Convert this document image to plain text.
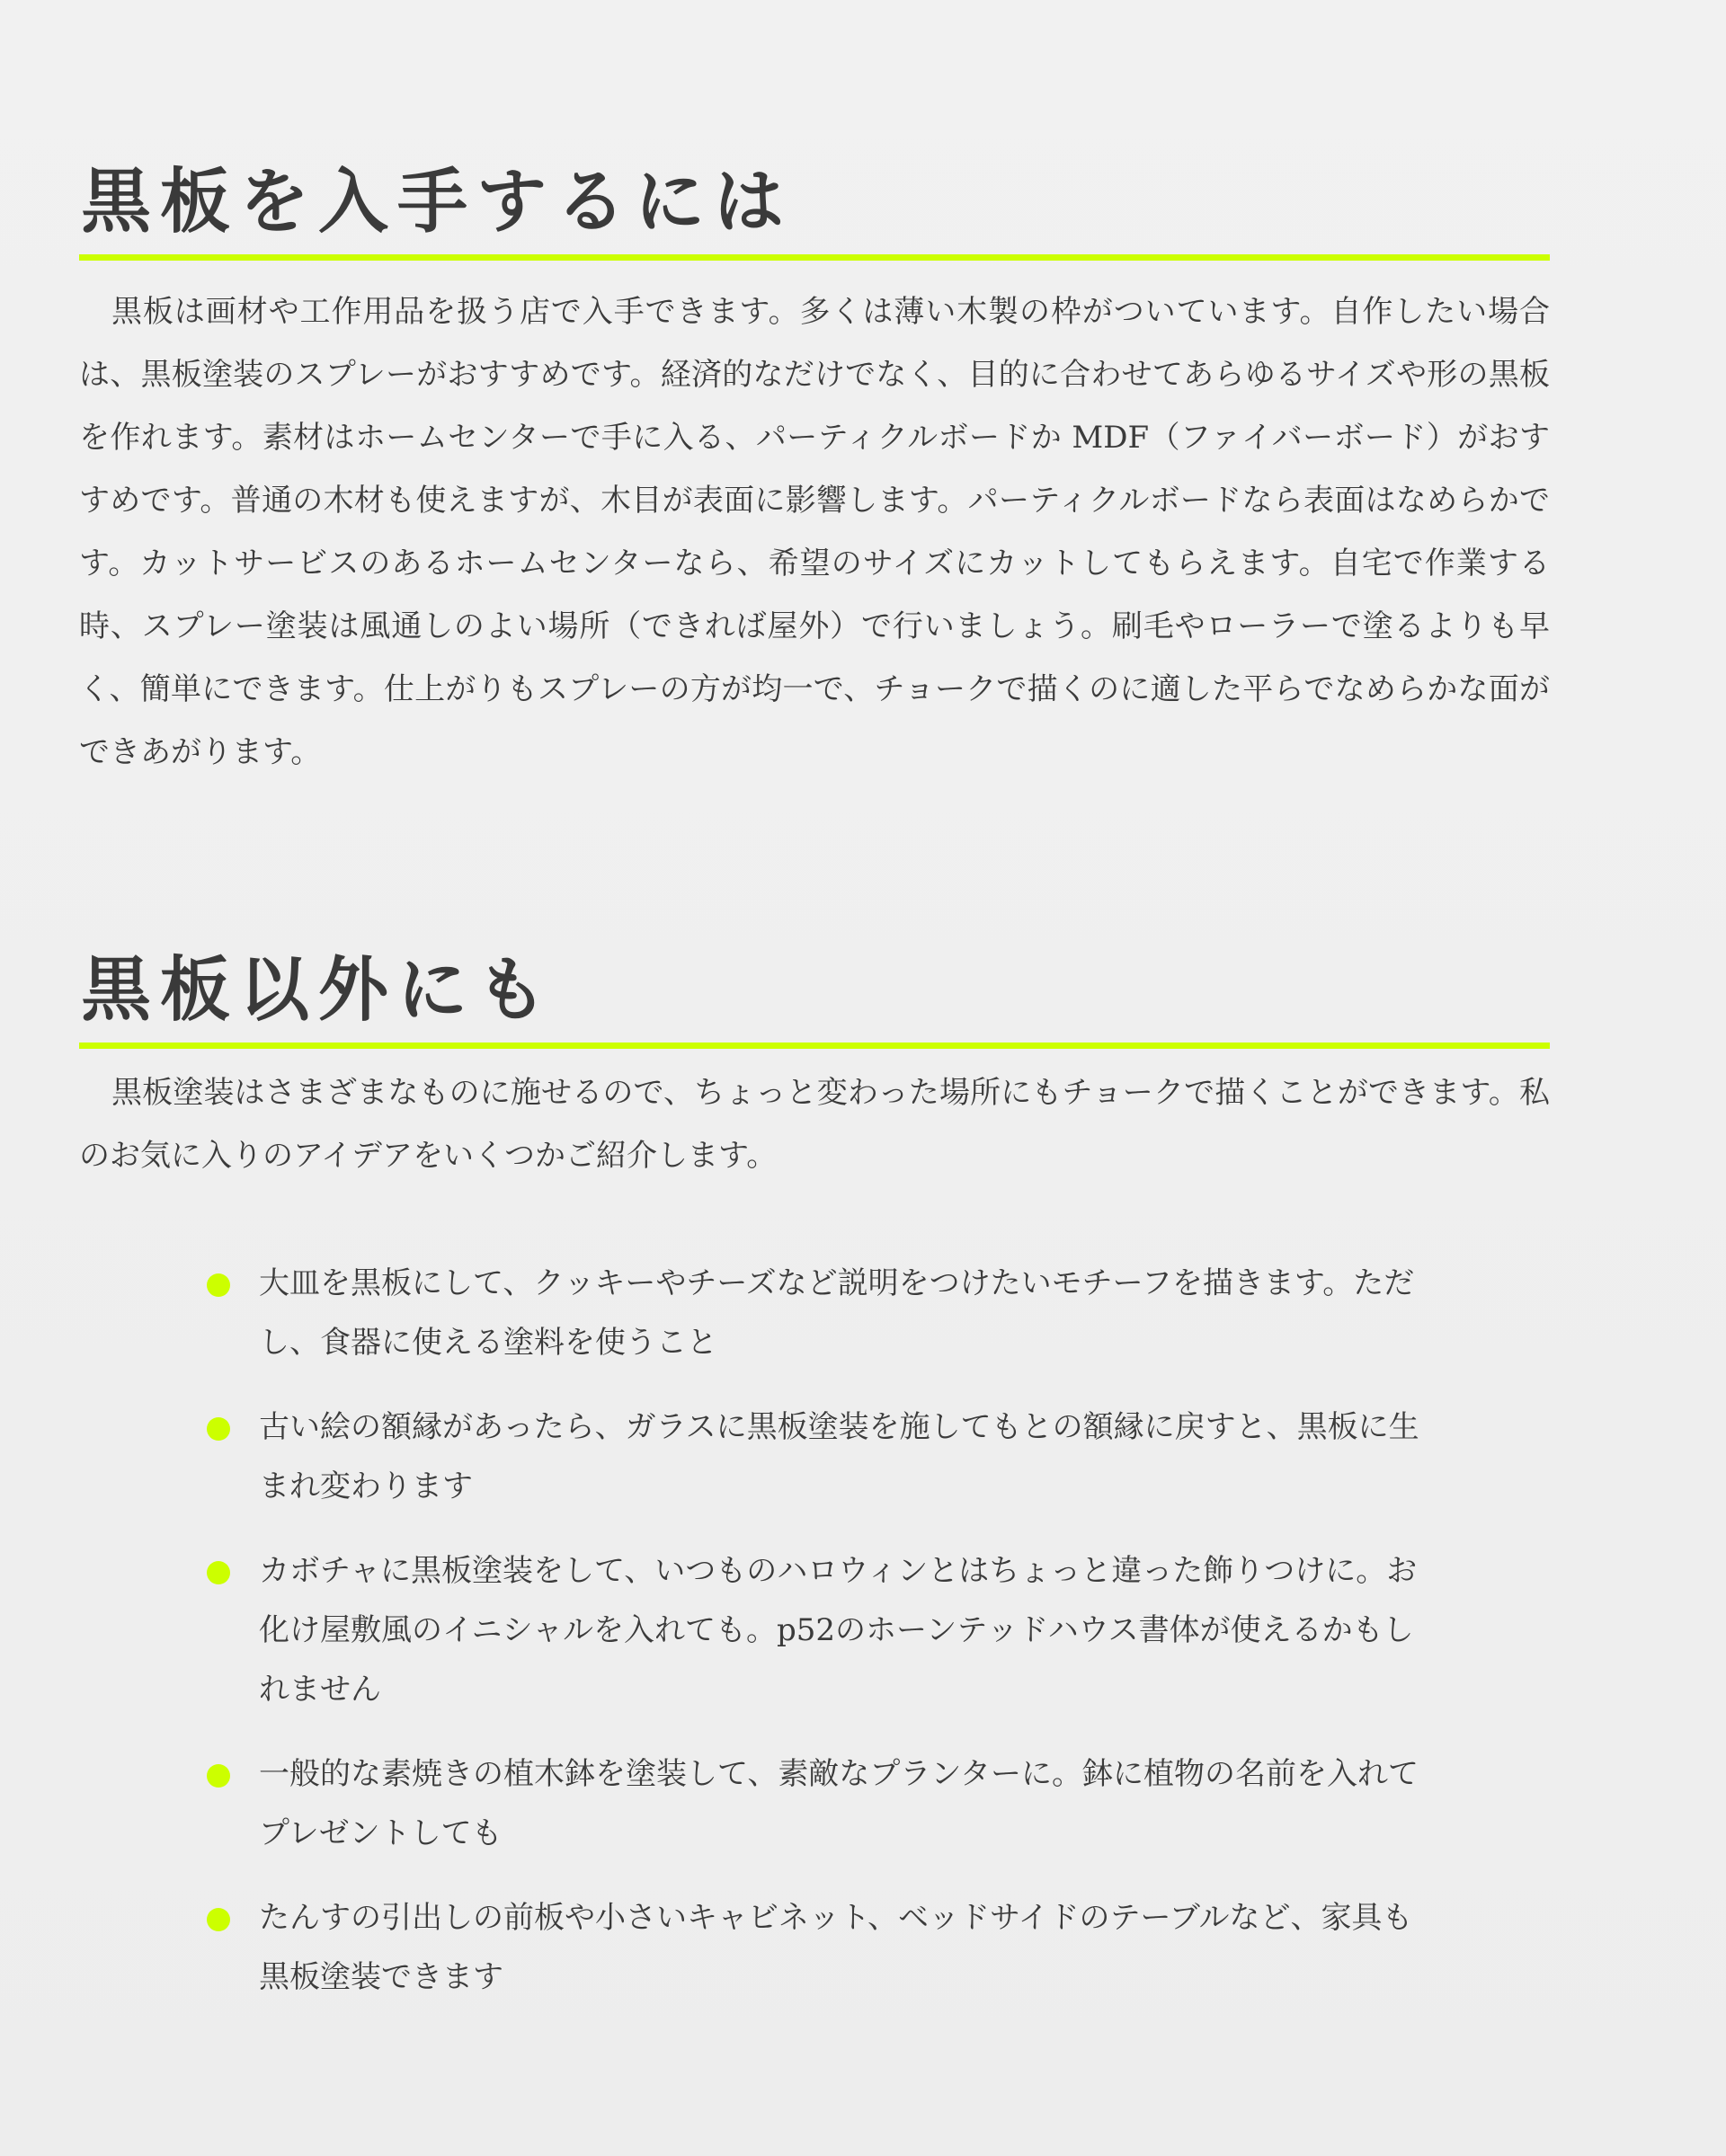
黒板を入手するには

黒板は画材や工作用品を扱う店で入手できます。多くは薄い木製の枠がついています。自作したい場合は、黒板塗装のスプレーがおすすめです。経済的なだけでなく、目的に合わせてあらゆるサイズや形の黒板を作れます。素材はホームセンターで手に入る、パーティクルボードか MDF（ファイバーボード）がおすすめです。普通の木材も使えますが、木目が表面に影響します。パーティクルボードなら表面はなめらかです。カットサービスのあるホームセンターなら、希望のサイズにカットしてもらえます。自宅で作業する時、スプレー塗装は風通しのよい場所（できれば屋外）で行いましょう。刷毛やローラーで塗るよりも早く、簡単にできます。仕上がりもスプレーの方が均一で、チョークで描くのに適した平らでなめらかな面ができあがります。

黒板以外にも

黒板塗装はさまざまなものに施せるので、ちょっと変わった場所にもチョークで描くことができます。私のお気に入りのアイデアをいくつかご紹介します。

大皿を黒板にして、クッキーやチーズなど説明をつけたいモチーフを描きます。ただし、食器に使える塗料を使うこと
古い絵の額縁があったら、ガラスに黒板塗装を施してもとの額縁に戻すと、黒板に生まれ変わります
カボチャに黒板塗装をして、いつものハロウィンとはちょっと違った飾りつけに。お化け屋敷風のイニシャルを入れても。p52のホーンテッドハウス書体が使えるかもしれません
一般的な素焼きの植木鉢を塗装して、素敵なプランターに。鉢に植物の名前を入れてプレゼントしても
たんすの引出しの前板や小さいキャビネット、ベッドサイドのテーブルなど、家具も黒板塗装できます
